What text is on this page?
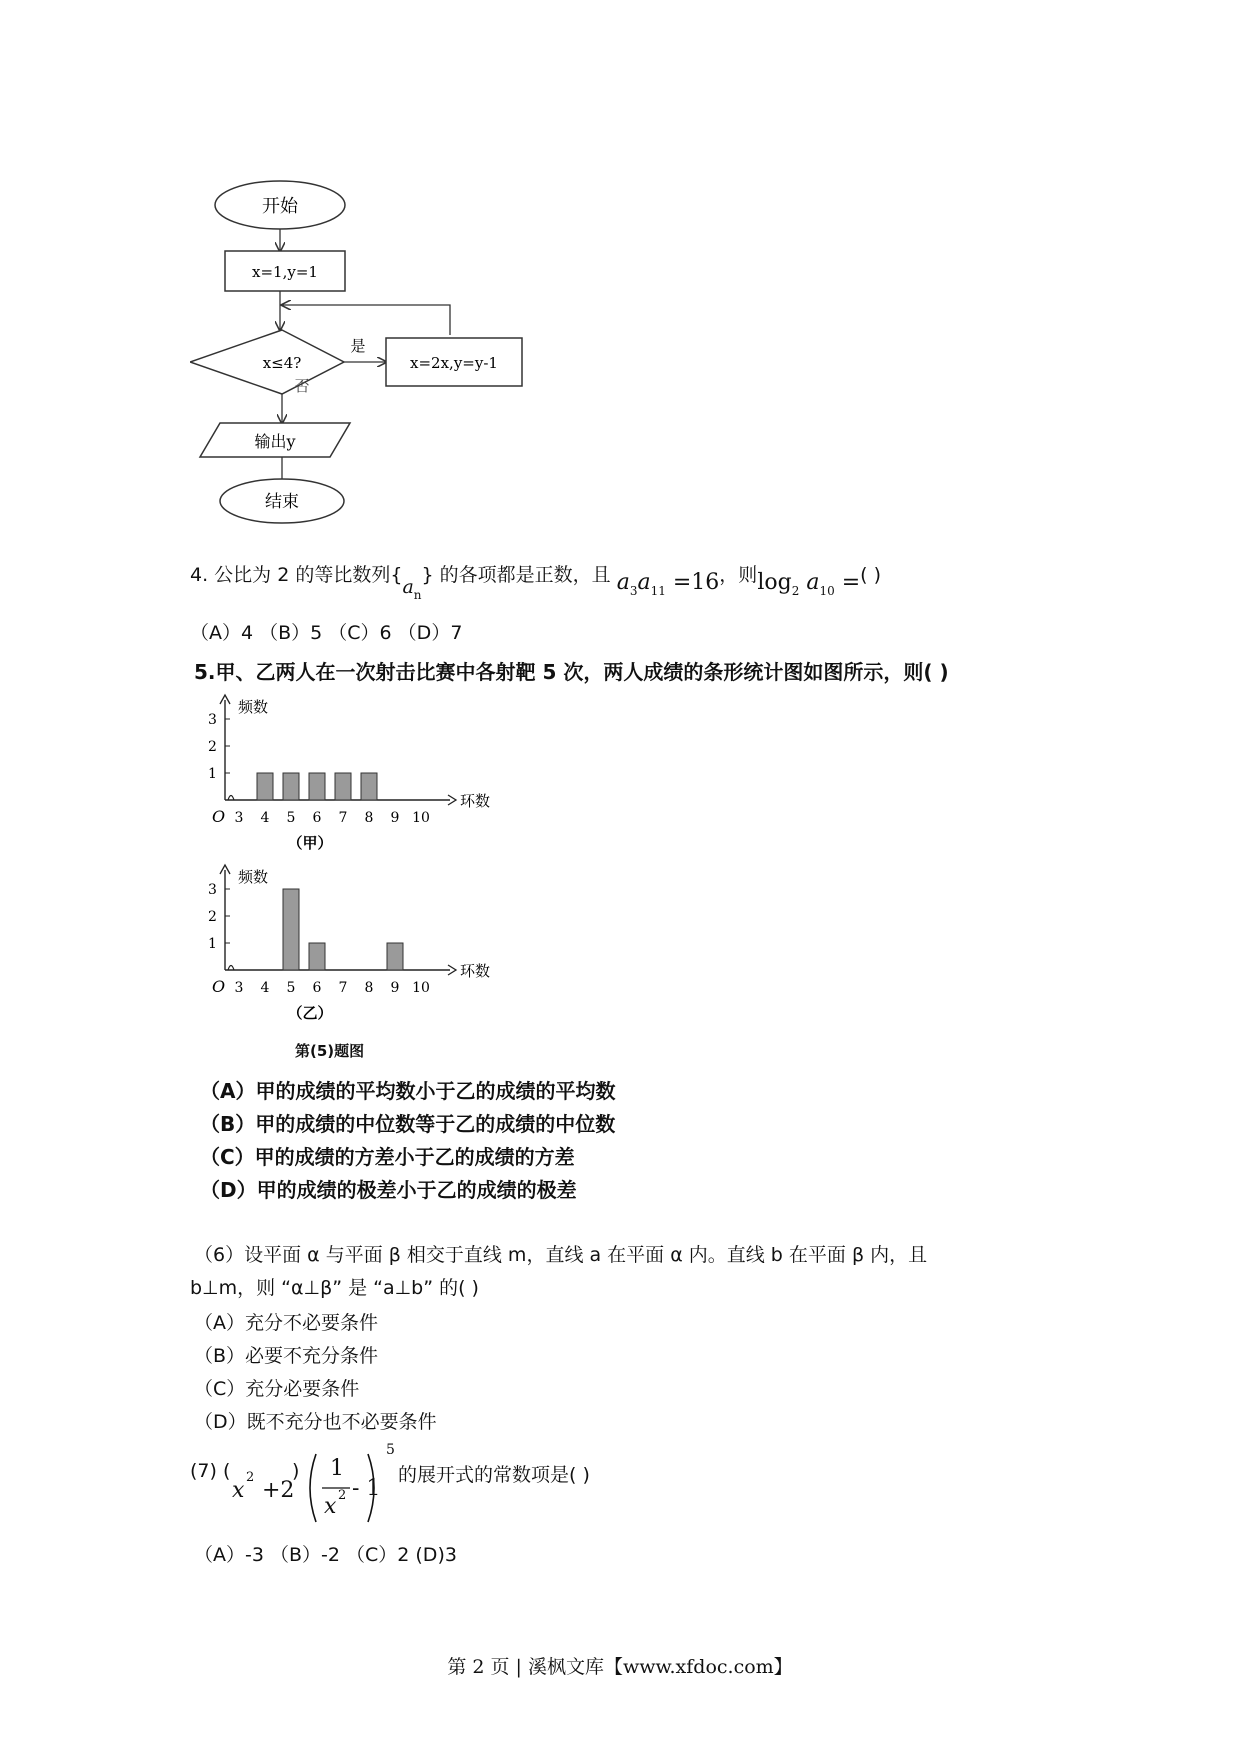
开始
x=1,y=1
x≤4?
是
x=2x,y=y-1
否
输出y
结束
4. 公比为 2 的等比数列$\{a_n\}$ 的各项都是正数，且 $a_3a_{11} =16$，则$\log_2 a_{10}$ =( )
（A）4 （B）5 （C）6 （D）7
5.甲、乙两人在一次射击比赛中各射靶 5 次，两人成绩的条形统计图如图所示，则( )
频数
环数
O
1
2
3
3 4 5 6 7 8 9 10
（甲）
频数
环数
O
1
2
3
3 4 5 6 7 8 9 10
（乙）
第(5)题图
（A）甲的成绩的平均数小于乙的成绩的平均数
（B）甲的成绩的中位数等于乙的成绩的中位数
（C）甲的成绩的方差小于乙的成绩的方差
（D）甲的成绩的极差小于乙的成绩的极差
（6）设平面 α 与平面 β 相交于直线 m，直线 a 在平面 α 内。直线 b 在平面 β 内，且
b⊥m，则 “α⊥β” 是 “a⊥b” 的( )
（A）充分不必要条件
（B）必要不充分条件
（C）充分必要条件
（D）既不充分也不必要条件
(7) (
x
2
+2
) 1
x 2 - 1
5
的展开式的常数项是( )
（A）-3 （B）-2 （C）2 (D)3
第 2 页 | 溪枫文库【www.xfdoc.com】
